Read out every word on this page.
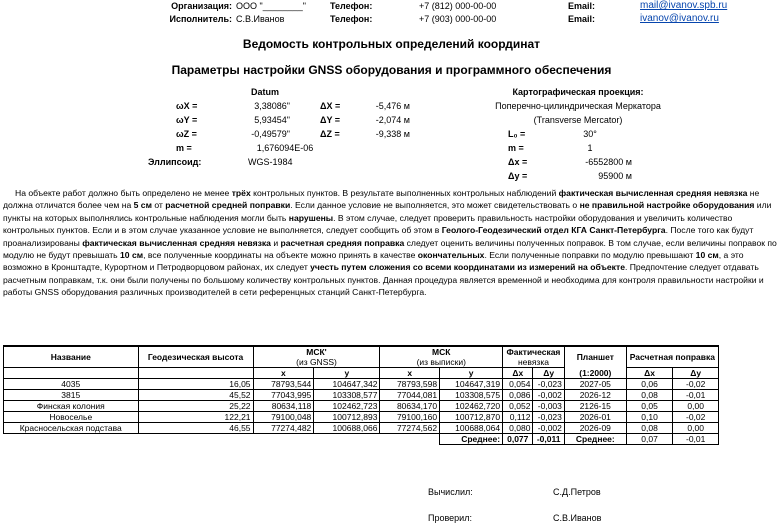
Организация: ООО "________"
Исполнитель: С.В.Иванов
Телефон:	+7 (812) 000-00-00
Телефон:	+7 (903) 000-00-00
Email:	mail@ivanov.spb.ru
Email:	ivanov@ivanov.ru
Ведомость контрольных определений координат
Параметры настройки GNSS оборудования и программного обеспечения
Datum
ωX =	3,38086"
ωY =	5,93454"
ωZ =	-0,49579"
ΔX =	-5,476 м
ΔY =	-2,074 м
ΔZ =	-9,338 м
m =	1,676094E-06
Эллипсоид:	WGS-1984
Картографическая проекция:
Поперечно-цилиндрическая Меркатора
(Transverse Mercator)
L₀ =	30°
m =	1
Δx =	-6552800 м
Δy =	95900 м

На объекте работ должно быть определено не менее трёх контрольных пунктов. В результате выполненных контрольных наблюдений фактическая вычисленная средняя невязка не должна отличатся более чем на 5 см от расчетной средней поправки. Если данное условие не выполняется, это может свидетельствовать о не правильной настройке оборудования или пункты на которых выполнялись контрольные наблюдения могли быть нарушены. В этом случае, следует проверить правильность настройки оборудования и увеличить количество контрольных пунктов. Если и в этом случае указанное условие не выполняется, следует сообщить об этом в Геолого-Геодезический отдел КГА Санкт-Петербурга. После того как будут проанализированы фактическая вычисленная средняя невязка и расчетная средняя поправка следует оценить величины полученных поправок. В том случае, если величины поправок по модулю не будут превышать 10 см, все полученные координаты на объекте можно принять в качестве окончательных. Если полученные поправки по модулю превышают 10 см, а это возможно в Кронштадте, Курортном и Петродворцовом районах, их следует учесть путем сложения со всеми координатами из измерений на объекте. Предпочтение следует отдавать расчетным поправкам, т.к. они были получены по большому количеству контрольных пунктов. Данная процедура является временной и необходима для контроля правильности настройки и работы GNSS оборудования различных производителей в сети референцных станций Санкт-Петербурга.

Название	Геодезическая высота	МСК'		МСК		Фактическая		Планшет	Расчетная поправка	
		(из GNSS)		(из выписки)		невязка				
		x	y	x	y	Δx	Δy	(1:2000)	Δx	Δy
4035	16,05	78793,544	104647,342	78793,598	104647,319	0,054	-0,023	2027-05	0,06	-0,02
3815	45,52	77043,995	103308,577	77044,081	103308,575	0,086	-0,002	2026-12	0,08	-0,01
Финская колония	25,22	80634,118	102462,723	80634,170	102462,720	0,052	-0,003	2126-15	0,05	0,00
Новоселье	122,21	79100,048	100712,893	79100,160	100712,870	0,112	-0,023	2026-01	0,10	-0,02
Красносельская подстава	46,55	77274,482	100688,066	77274,562	100688,064	0,080	-0,002	2026-09	0,08	0,00
					Среднее:	0,077	-0,011	Среднее:	0,07	-0,01
Вычислил:	С.Д.Петров
Проверил:	С.В.Иванов
